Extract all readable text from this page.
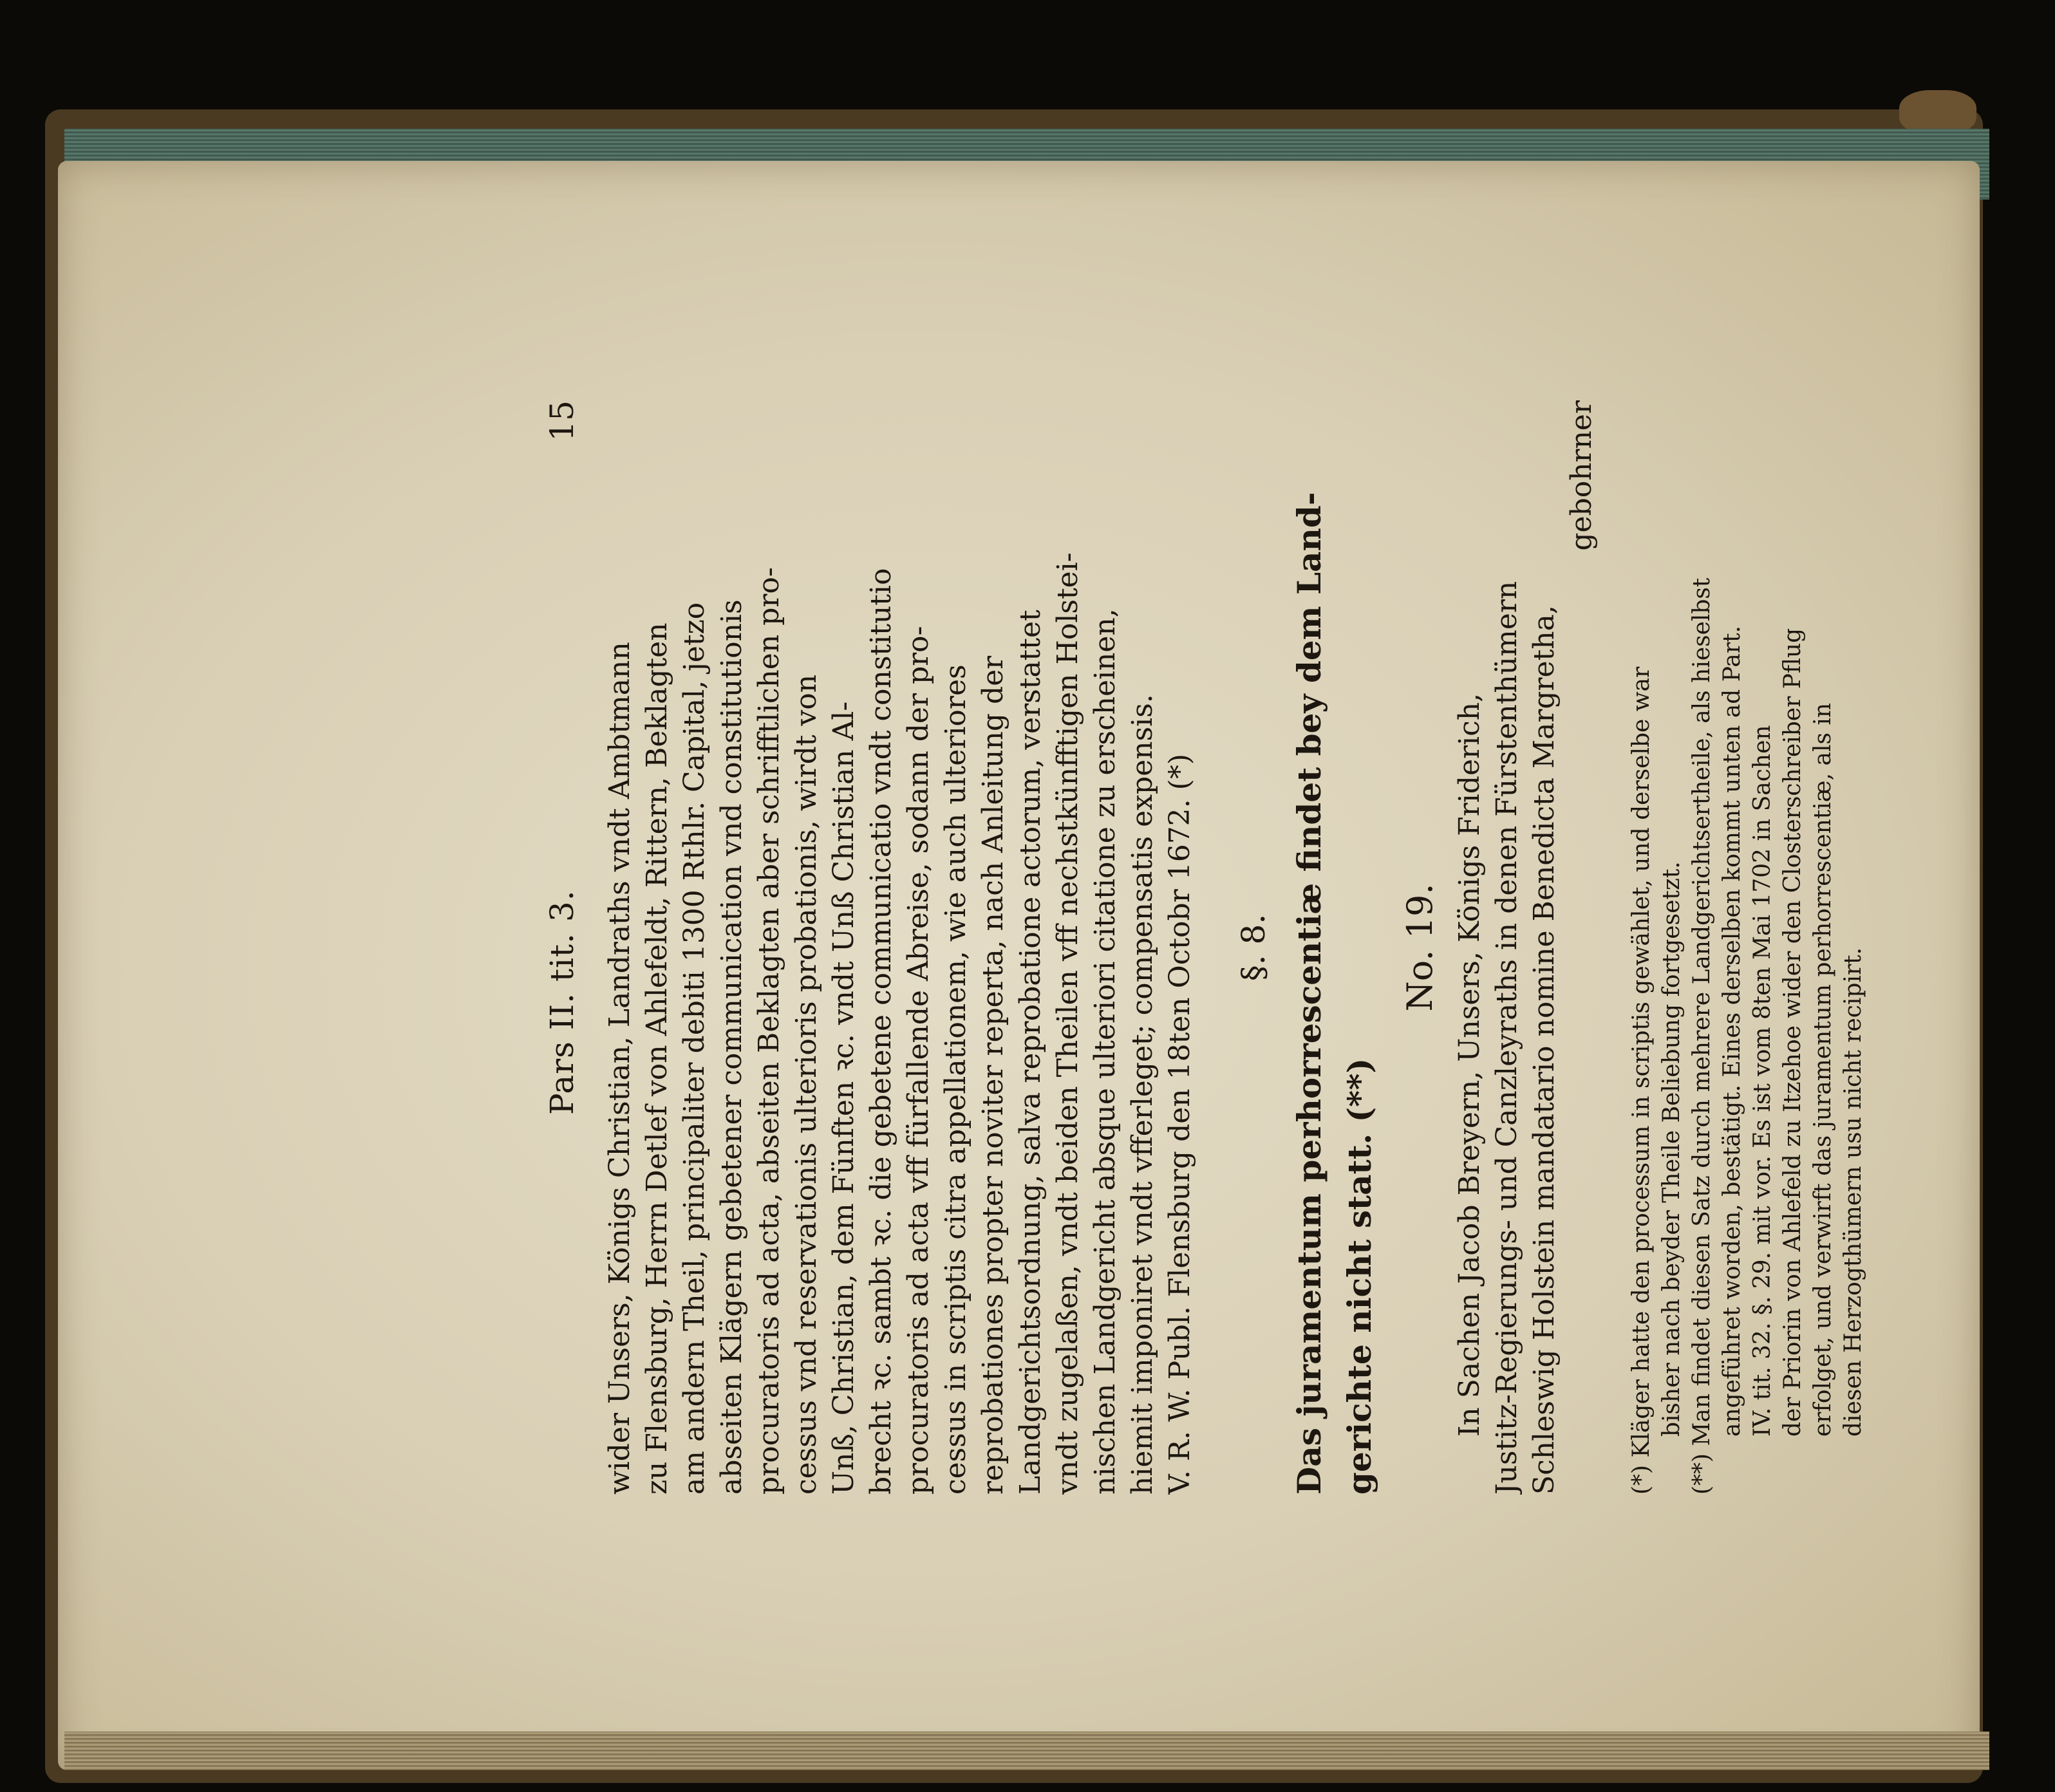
Pars II. tit. 3.
15
wider Unsers, Königs Christian, Landraths vndt Ambtmann zu Flensburg, Herrn Detlef von Ahlefeldt, Rittern, Beklagten am andern Theil, principaliter debiti 1300 Rthlr. Capital, jetzo abseiten Klägern gebetener communication vnd constitutionis procuratoris ad acta, abseiten Beklagten aber schrifftlichen pro- cessus vnd reservationis ulterioris probationis, wirdt von Unß, Christian, dem Fünften ꝛc. vndt Unß Christian Al- brecht ꝛc. sambt ꝛc. die gebetene communicatio vndt constitutio procuratoris ad acta vff fürfallende Abreise, sodann der pro- cessus in scriptis citra appellationem, wie auch ulteriores reprobationes propter noviter reperta, nach Anleitung der Landgerichtsordnung, salva reprobatione actorum, verstattet vndt zugelaßen, vndt beiden Theilen vff nechstkünfftigen Holstei- nischen Landgericht absque ulteriori citatione zu erscheinen, hiemit imponiret vndt vfferleget; compensatis expensis. V. R. W. Publ. Flensburg den 18ten Octobr 1672. (*) §. 8. Das juramentum perhorrescentiæ findet bey dem Land- gerichte nicht statt. (**)
No. 19. In Sachen Jacob Breyern, Unsers, Königs Friderich, Justitz-Regierungs- und Canzleyraths in denen Fürstenthümern Schleswig Holstein mandatario nomine Benedicta Margretha,
gebohrner
(*) Kläger hatte den processum in scriptis gewählet, und derselbe war bisher nach beyder Theile Beliebung fortgesetzt. (**) Man findet diesen Satz durch mehrere Landgerichtsertheile, als hieselbst angeführet worden, bestätigt. Eines derselben kommt unten ad Part. IV. tit. 32. §. 29. mit vor. Es ist vom 8ten Mai 1702 in Sachen der Priorin von Ahlefeld zu Itzehoe wider den Closterschreiber Pflug erfolget, und verwirft das juramentum perhorrescentiæ, als in diesen Herzogthümern usu nicht recipirt.
